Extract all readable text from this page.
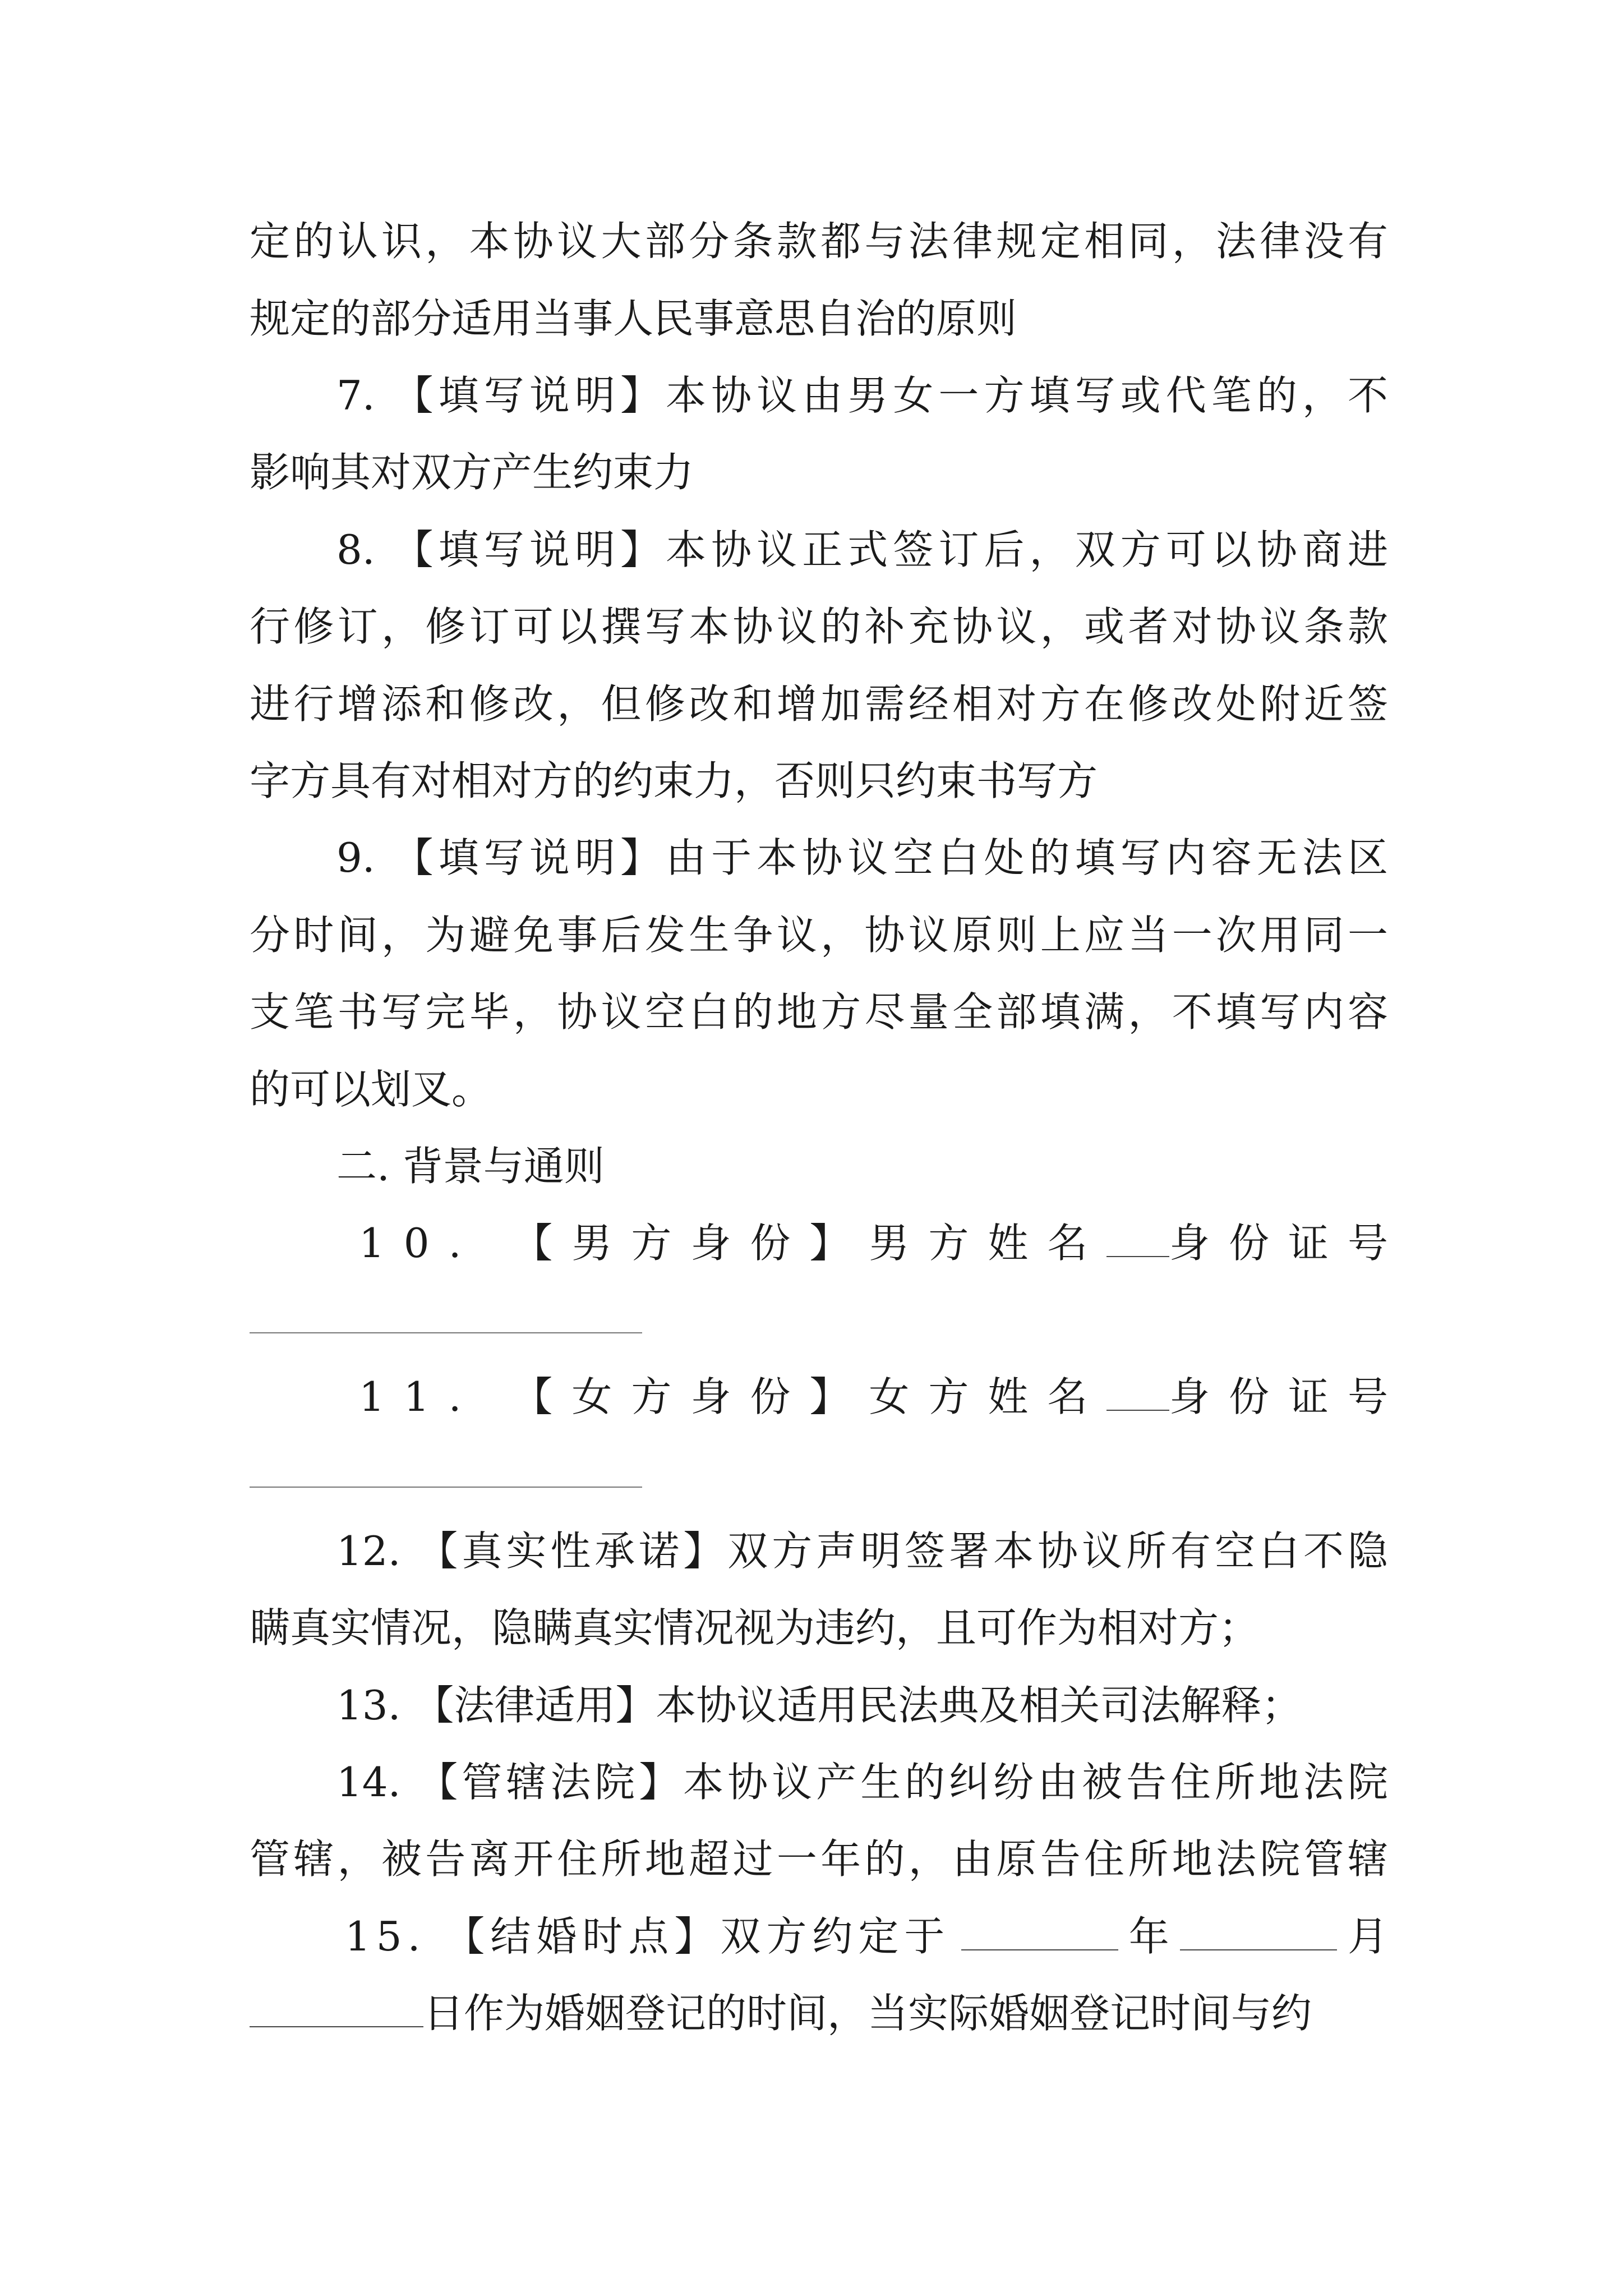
定的认识，本协议大部分条款都与法律规定相同，法律没有
规定的部分适用当事人民事意思自治的原则
7. 【填写说明】本协议由男女一方填写或代笔的，不
影响其对双方产生约束力
8. 【填写说明】本协议正式签订后，双方可以协商进
行修订，修订可以撰写本协议的补充协议，或者对协议条款
进行增添和修改，但修改和增加需经相对方在修改处附近签
字方具有对相对方的约束力，否则只约束书写方
9. 【填写说明】由于本协议空白处的填写内容无法区
分时间，为避免事后发生争议，协议原则上应当一次用同一
支笔书写完毕，协议空白的地方尽量全部填满，不填写内容
的可以划叉。
二. 背景与通则
10. 【男方身份】男方姓名 身份证号
11. 【女方身份】女方姓名 身份证号
12. 【真实性承诺】双方声明签署本协议所有空白不隐
瞒真实情况，隐瞒真实情况视为违约，且可作为相对方；
13. 【法律适用】本协议适用民法典及相关司法解释；
14. 【管辖法院】本协议产生的纠纷由被告住所地法院
管辖，被告离开住所地超过一年的，由原告住所地法院管辖
15. 【结婚时点】双方约定于	年	月
日作为婚姻登记的时间，当实际婚姻登记时间与约
